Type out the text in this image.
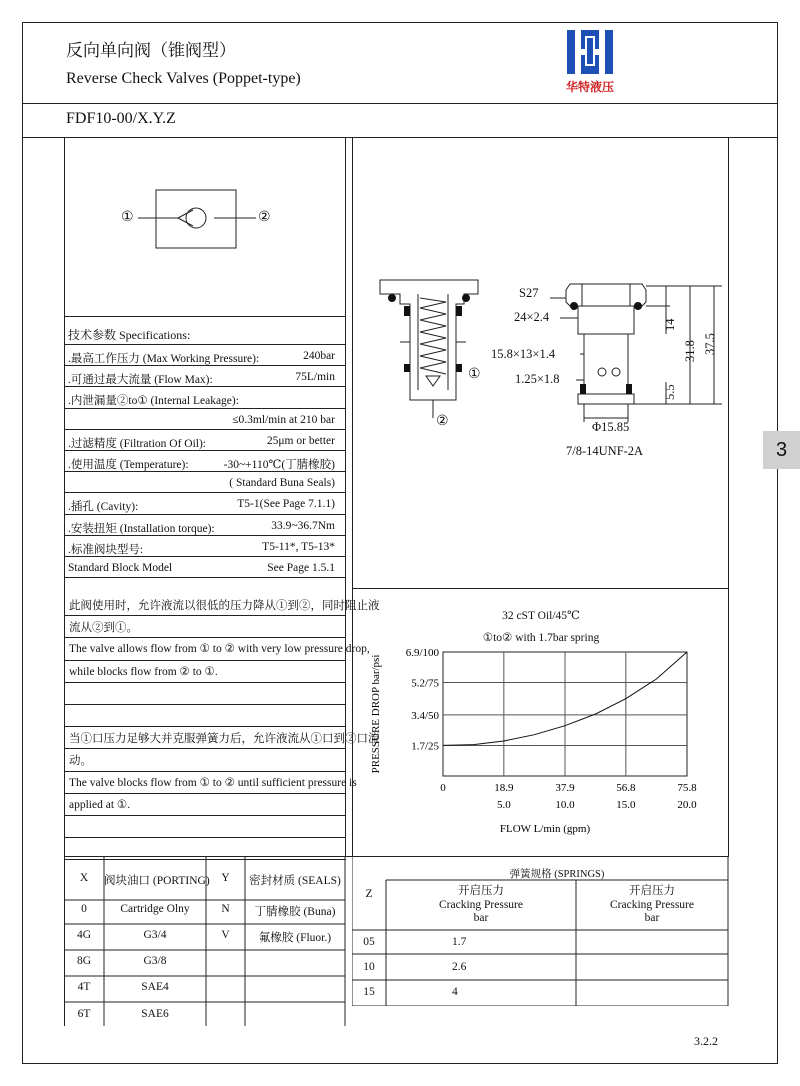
反向单向阀（锥阀型）
Reverse Check Valves (Poppet-type)	华特液压
FDF10-00/X.Y.Z
3
①	②
技术参数 Specifications:
.最高工作压力 (Max Working Pressure):	240bar
.可通过最大流量 (Flow Max):	75L/min
.内泄漏量②to① (Internal Leakage):
≤0.3ml/min at 210 bar
.过滤精度 (Filtration Of Oil):	25μm or better
.使用温度 (Temperature):	-30~+110℃(丁腈橡胶)
( Standard Buna Seals)
.插孔 (Cavity):	T5-1(See Page 7.1.1)
.安装扭矩 (Installation torque):	33.9~36.7Nm
.标准阀块型号:	T5-11*, T5-13*
Standard Block Model	See Page 1.5.1
此阀使用时，允许液流以很低的压力降从①到②，同时阻止液
流从②到①。
The valve allows flow from ① to ② with very low pressure drop,
while blocks flow from ② to ①.
当①口压力足够大并克服弹簧力后，允许液流从①口到②口流
动。
The valve blocks flow from ① to ② until sufficient pressure is
applied at ①.
①
②
S27
24×2.4
15.8×13×1.4
1.25×1.8
Φ15.85
7/8-14UNF-2A
14
31.8 37.5
5.5
32 cST Oil/45℃
①to② with 1.7bar spring
0	18.9	37.9	56.8	75.8
5.0	10.0	15.0	20.0
1.7/25
3.4/50
5.2/75
6.9/100
FLOW L/min (gpm)
PRESSURE DROP bar/psi
X	阀块油口 (PORTING)	Y	密封材质 (SEALS)
0	Cartridge Olny	N	丁腈橡胶 (Buna)
4G	G3/4	V	氟橡胶 (Fluor.)
8G	G3/8
4T	SAE4
6T	SAE6
弹簧规格 (SPRINGS)
Z	开启压力
Cracking Pressure
bar
开启压力
Cracking Pressure
bar
05	1.7
10	2.6
15	4
3.2.2
